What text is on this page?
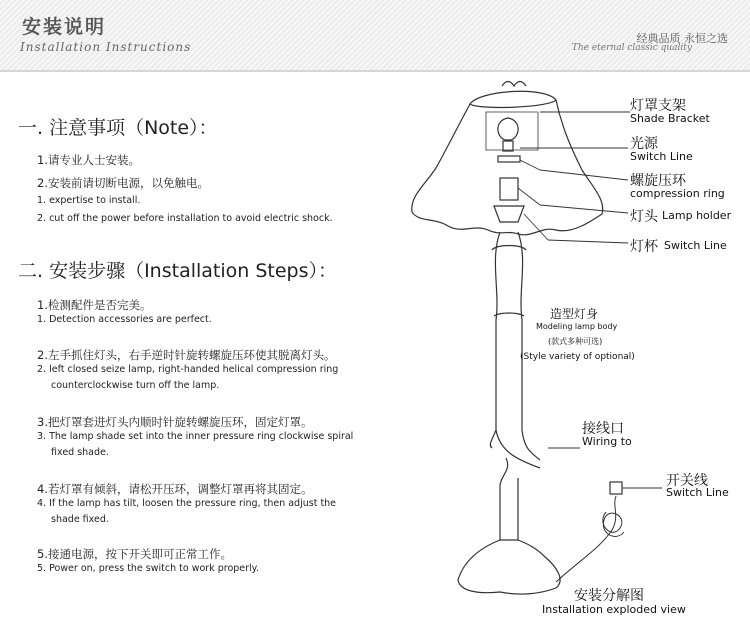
安装说明
Installation Instructions
经典品质 永恒之选
The eternal classic quality
一. 注意事项（Note）：
1.请专业人士安装。
2.安装前请切断电源，以免触电。
1. expertise to install.
2. cut off the power before installation to avoid electric shock.
二. 安装步骤（Installation Steps）：
1.检测配件是否完美。
1. Detection accessories are perfect.
2.左手抓住灯头，右手逆时针旋转螺旋压环使其脱离灯头。
2. left closed seize lamp, right-handed helical compression ring
counterclockwise turn off the lamp.
3.把灯罩套进灯头内顺时针旋转螺旋压环，固定灯罩。
3. The lamp shade set into the inner pressure ring clockwise spiral
fixed shade.
4.若灯罩有倾斜，请松开压环，调整灯罩再将其固定。
4. If the lamp has tilt, loosen the pressure ring, then adjust the
shade fixed.
5.接通电源，按下开关即可正常工作。
5. Power on, press the switch to work properly.
灯罩支架
Shade Bracket
光源
Switch Line
螺旋压环
compression ring
灯头 Lamp holder
灯杯 Switch Line
造型灯身
Modeling lamp body
(款式多种可选)
(Style variety of optional)
接线口
Wiring to
开关线
Switch Line
安装分解图
Installation exploded view
